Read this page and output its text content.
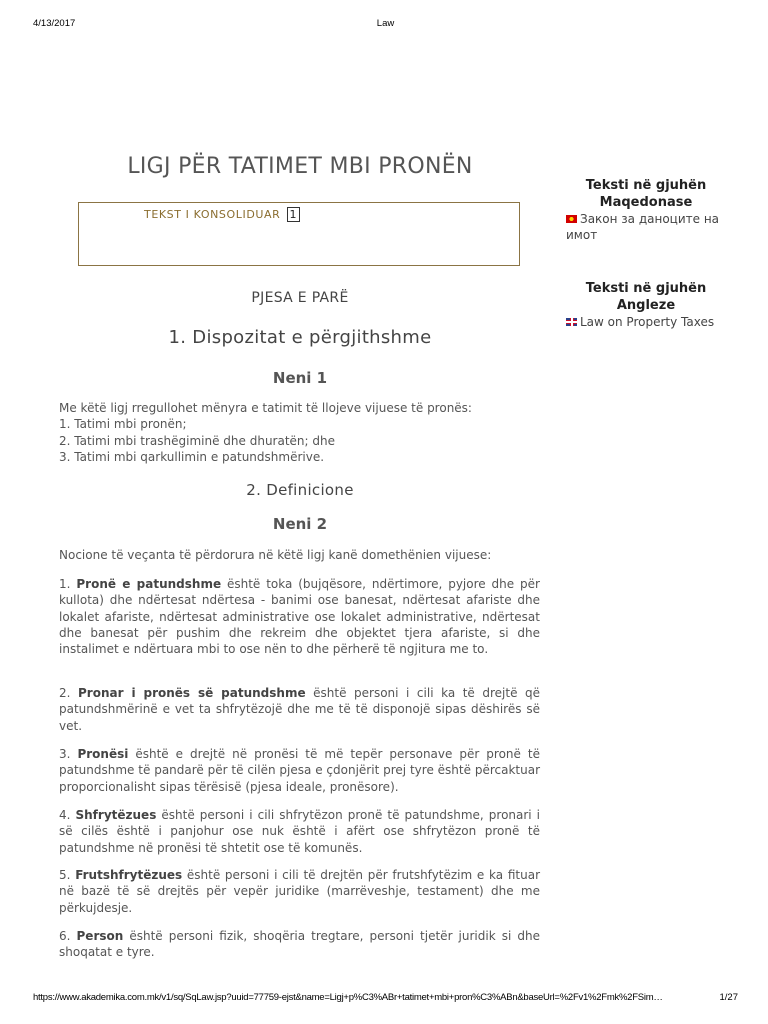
4/13/2017	Law
LIGJ PËR TATIMET MBI PRONËN
TEKST I KONSOLIDUAR 1
PJESA E PARË
1. Dispozitat e përgjithshme
Neni 1
Me këtë ligj rregullohet mënyra e tatimit të llojeve vijuese të pronës:
1. Tatimi mbi pronën;
2. Tatimi mbi trashëgiminë dhe dhuratën; dhe
3. Tatimi mbi qarkullimin e patundshmërive.
2. Definicione
Neni 2
Nocione të veçanta të përdorura në këtë ligj kanë domethënien vijuese:
1. Pronë e patundshme është toka (bujqësore, ndërtimore, pyjore dhe për kullota) dhe ndërtesat ndërtesa - banimi ose banesat, ndërtesat afariste dhe lokalet afariste, ndërtesat administrative ose lokalet administrative, ndërtesat dhe banesat për pushim dhe rekreim dhe objektet tjera afariste, si dhe instalimet e ndërtuara mbi to ose nën to dhe përherë të ngjitura me to.
2. Pronar i pronës së patundshme është personi i cili ka të drejtë që patundshmërinë e vet ta shfrytëzojë dhe me të të disponojë sipas dëshirës së vet.
3. Pronësi është e drejtë në pronësi të më tepër personave për pronë të patundshme të pandarë për të cilën pjesa e çdonjërit prej tyre është përcaktuar proporcionalisht sipas tërësisë (pjesa ideale, pronësore).
4. Shfrytëzues është personi i cili shfrytëzon pronë të patundshme, pronari i së cilës është i panjohur ose nuk është i afërt ose shfrytëzon pronë të patundshme në pronësi të shtetit ose të komunës.
5. Frutshfrytëzues është personi i cili të drejtën për frutshfytëzim e ka fituar në bazë të së drejtës për vepër juridike (marrëveshje, testament) dhe me përkujdesje.
6. Person është personi fizik, shoqëria tregtare, personi tjetër juridik si dhe shoqatat e tyre.
Teksti në gjuhën Maqedonase
Закон за даноците на имот
Teksti në gjuhën Angleze
Law on Property Taxes
https://www.akademika.com.mk/v1/sq/SqLaw.jsp?uuid=77759-ejst&name=Ligj+p%C3%ABr+tatimet+mbi+pron%C3%ABn&baseUrl=%2Fv1%2Fmk%2FSim…	1/27
